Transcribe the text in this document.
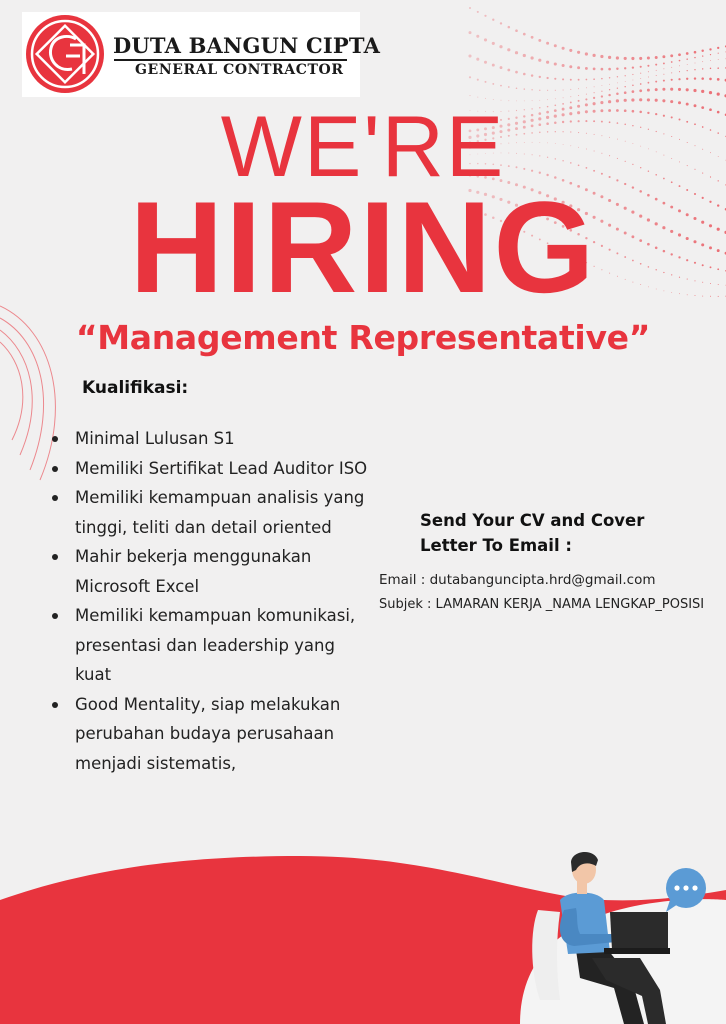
DUTA BANGUN CIPTA
GENERAL CONTRACTOR
WE'RE
HIRING
“Management Representative”
Kualifikasi:
Minimal Lulusan S1
Memiliki Sertifikat Lead Auditor ISO
Memiliki kemampuan analisis yang tinggi, teliti dan detail oriented
Mahir bekerja menggunakan Microsoft Excel
Memiliki kemampuan komunikasi, presentasi dan leadership yang kuat
Good Mentality, siap melakukan perubahan budaya perusahaan menjadi sistematis,
Send Your CV and Cover Letter To Email :
Email : dutabanguncipta.hrd@gmail.com
Subjek : LAMARAN KERJA _NAMA LENGKAP_POSISI
